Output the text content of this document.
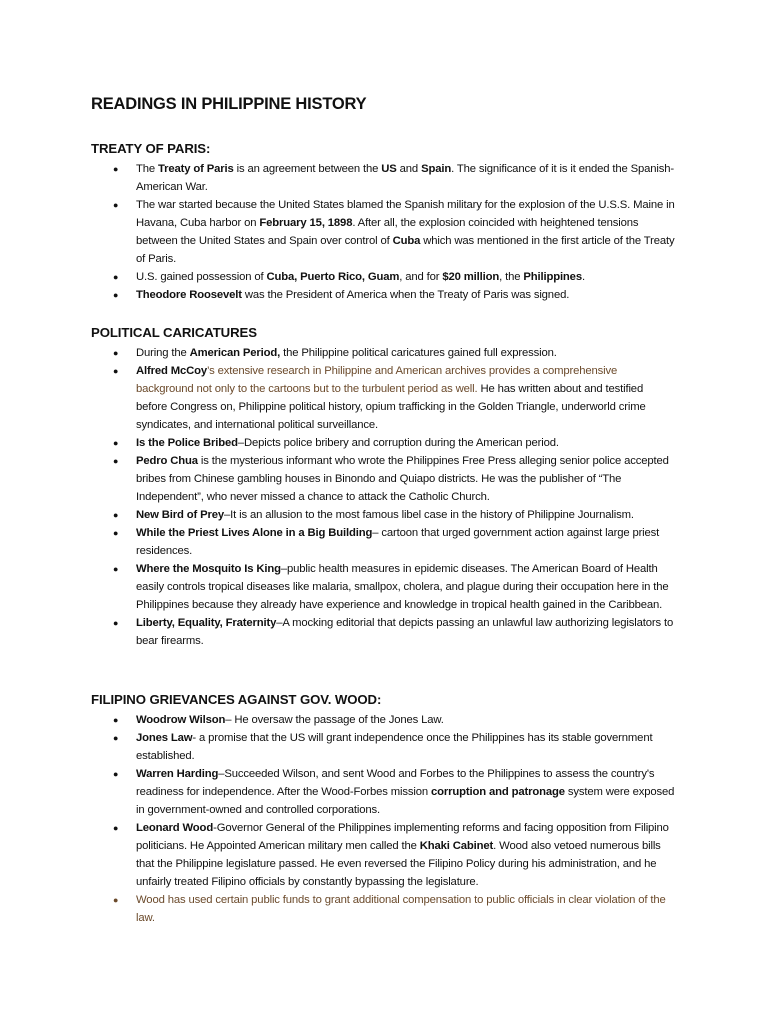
READINGS IN PHILIPPINE HISTORY
TREATY OF PARIS:
● The Treaty of Paris is an agreement between the US and Spain. The significance of it is it ended the Spanish-American War.
● The war started because the United States blamed the Spanish military for the explosion of the U.S.S. Maine in Havana, Cuba harbor on February 15, 1898. After all, the explosion coincided with heightened tensions between the United States and Spain over control of Cuba which was mentioned in the first article of the Treaty of Paris.
● U.S. gained possession of Cuba, Puerto Rico, Guam, and for $20 million, the Philippines.
● Theodore Roosevelt was the President of America when the Treaty of Paris was signed.
POLITICAL CARICATURES
● During the American Period, the Philippine political caricatures gained full expression.
● Alfred McCoy’s extensive research in Philippine and American archives provides a comprehensive background not only to the cartoons but to the turbulent period as well. He has written about and testified before Congress on, Philippine political history, opium trafficking in the Golden Triangle, underworld crime syndicates, and international political surveillance.
● Is the Police Bribed–Depicts police bribery and corruption during the American period.
● Pedro Chua is the mysterious informant who wrote the Philippines Free Press alleging senior police accepted bribes from Chinese gambling houses in Binondo and Quiapo districts. He was the publisher of “The Independent”, who never missed a chance to attack the Catholic Church.
● New Bird of Prey–It is an allusion to the most famous libel case in the history of Philippine Journalism.
● While the Priest Lives Alone in a Big Building– cartoon that urged government action against large priest residences.
● Where the Mosquito Is King–public health measures in epidemic diseases. The American Board of Health easily controls tropical diseases like malaria, smallpox, cholera, and plague during their occupation here in the Philippines because they already have experience and knowledge in tropical health gained in the Caribbean.
● Liberty, Equality, Fraternity–A mocking editorial that depicts passing an unlawful law authorizing legislators to bear firearms.
FILIPINO GRIEVANCES AGAINST GOV. WOOD:
● Woodrow Wilson– He oversaw the passage of the Jones Law.
● Jones Law- a promise that the US will grant independence once the Philippines has its stable government established.
● Warren Harding–Succeeded Wilson, and sent Wood and Forbes to the Philippines to assess the country's readiness for independence. After the Wood-Forbes mission corruption and patronage system were exposed in government-owned and controlled corporations.
● Leonard Wood-Governor General of the Philippines implementing reforms and facing opposition from Filipino politicians. He Appointed American military men called the Khaki Cabinet. Wood also vetoed numerous bills that the Philippine legislature passed. He even reversed the Filipino Policy during his administration, and he unfairly treated Filipino officials by constantly bypassing the legislature.
● Wood has used certain public funds to grant additional compensation to public officials in clear violation of the law.
